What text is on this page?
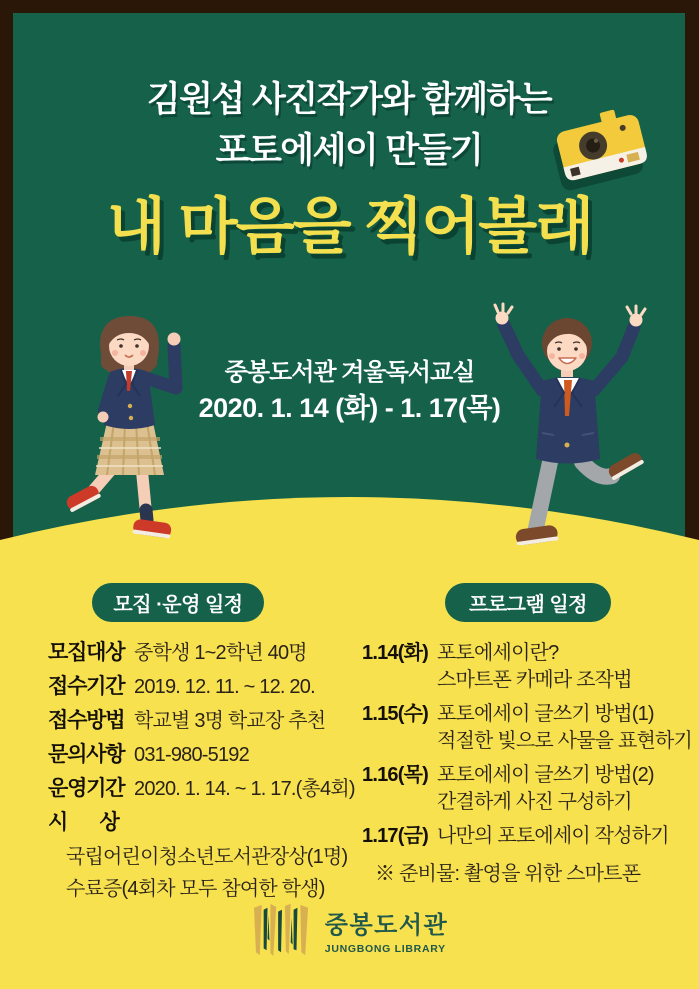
김원섭 사진작가와 함께하는
포토에세이 만들기
내 마음을 찍어볼래
중봉도서관 겨울독서교실
2020. 1. 14 (화) - 1. 17(목)
모집 ·운영 일정	프로그램 일정
모집대상 중학생 1~2학년 40명
접수기간 2019. 12. 11. ~ 12. 20.
접수방법 학교별 3명 학교장 추천
문의사항 031-980-5192
운영기간 2020. 1. 14. ~ 1. 17.(총4회)
시       상
국립어린이청소년도서관장상(1명)
수료증(4회차 모두 참여한 학생)
1.14(화) 포토에세이란?
스마트폰 카메라 조작법
1.15(수) 포토에세이 글쓰기 방법(1)
적절한 빛으로 사물을 표현하기
1.16(목) 포토에세이 글쓰기 방법(2)
간결하게 사진 구성하기
1.17(금) 나만의 포토에세이 작성하기
※ 준비물: 촬영을 위한 스마트폰
중봉도서관
JUNGBONG LIBRARY
